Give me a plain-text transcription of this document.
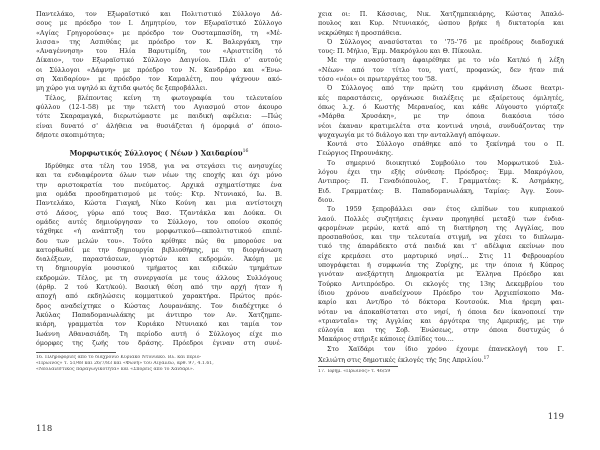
Παντελάκο, τον Εξωραϊστικό και Πολιτιστικό Σύλλογο Δά-
σους με πρόεδρο τον Ι. Δημητρίου, τον Εξωραϊστικό Σύλλογο
«Αγίας Γρηγορούσας» με πρόεδρο τον Ουσταμπασίδη, τη «Μέ-
λισσα» της Ασπιθέας με πρόεδρο τον Κ. Βαλεργάκη, την
«Αναγέννηση» του Ηλία Βαρυτιμίδη, τον «Αρισττείδη τό
Δίκαιο», τον Εξωραϊστικό Σύλλογο Δαιγνίου. Πλάι σ' αυτούς
οι Σύλλογοι «Δάφνη» με πρόεδρο τον Ν. Κανδράρο και «Ένω-
ση Χαιδαρίου» με πρόεδρο τον Καμαλέτη, που ψάχνουν ακό-
μη χώρο για υψηλό κι άχτιδα φωτός δε ξεπροβάλλει.
Τέλος, βλέποντας κείνη τη φωτογραφία του τελευταίου
φύλλου (12-1-58) με την τελετή του Αγιασμού στον άκουρο
τότε Σκαραμαγκά, διερωτώμαστε με παιδική αφέλεια: —Πώς
είναι δυνατό σ' άλήθεια να θυσιάζεται ή όμορφιά σ' όποιο-
δήποτε σκοπιμότητα;
Μορφωτικός Σύλλογος ( Νέων ) Χαιδαρίου$^{16}$
Ιδρύθηκε στα τέλη του 1958, για να στεγάσει τις ανησυχίες
και τα ενδιαφέροντα όλων των νέων της εποχής και όχι μόνο
την αριστοκρατία του πνεύματος. Αρχικά σχηματίστηκε ένα
μια ομάδα προσδηματισμού με τούς: Κτρ. Ντυνιακό, Ιω. Β.
Παντελάκο, Κώστα Γιαγκή, Νίκο Κούνη και μια αντίστοιχη
στό Δάσος, γύρω από τους Βασ. Τζαντάκλα και Δούκα. Οι
ομάδες αυτές δημιούργησαν το Σύλλογο, του οποίου σκοπός
τάχθηκε «ή ανάπτυξη του μορφωτικού—εκπολιτιστικού επιπέ-
δου των μελών του». Τούτο κρίθηκε πώς θα μπορούσε να
κατορθωθεί με την δημιουργία βιβλιοθήκης, με τη διοργάνωση
διαλέξεων, παραστάσεων, γιορτών και εκδρομών. Άκόμη με
τη δημιουργία μουσικού τμήματος και ειδικών τμημάτων
εκδρομών. Τέλος, με τη συνεργασία με τους άλλους Συλλόγους
(άρθρ. 2 τού Κατ/κού). Βασική θέση από την αρχή ήταν ή
αποχή από εκδηλώσεις κομματικού χαρακτήρα. Πρώτος πρόε-
δρος αναδείχτηκε ο Κώστας Λουρανάκης. Τον διαδέχτηκε ό
Άκύλας Παπαδομανωλάκης με άντιπρο τον Αν. Χατζημπε-
κιάρη, γραμματέα τον Κυριάκο Ντυνιακό και ταμία τον
Ιωάννη Αθανασιάδη. Τη περίοδο αυτή ό Σύλλογος είχε πιο
όμορφες της ζωής του δράσης. Πρόεδροι έγιναν στη συνέ-
16. Πληροφορίες από το διαχρόνιο Κυριάκο Ντυνιακό. Βλ. και περιο-
«Πρωινός» τ. 51/48 και 26/7/83 και «Φωνή» του Αιγάλεω, αρθ. 97, 4.1.61,
«Νεολαιεστικός παραγωγικότητα» και «Σπορείς από το Χαϊδαρι».
118
χεια οι: Π. Κάσσιας, Νικ. Χατζημπεκιάρης, Κώστας Άπαλό-
πουλος και Κυρ. Ντυνιακός, ώσπου βρήκε ή δικτατορία και
νεκρώθηκε ή προσπάθεια.
Ό Σύλλογος ανασύσταται το '75-'76 με προέδρους διαδοχικά
τους: Π. Μήλιο, Έμμ. Μακρόγλου και Θ. Πίκουλα.
Με την ανασύσταση άφαιρέθηκε με το νέο Κατ/κό ή λέξη
«Νέων» από τον τίτλο του, γιατί, προφανώς, δεν ήταν πιά
τόσο «νέοι» οι πρωτεργάτες του '58.
Ό Σύλλογος από την πρώτη του εμφάνιση έδωσε θεατρι-
κές παραστάσεις, οργάνωσε διαλέξεις με εξαίρετους όμιλητές,
όπως λ.χ. ό Κωστής Μεραναίος, και κάθε Αύγουστο γιόρταζε
«Μάρθα Χρυσάκη», με την όποια διακόσια τόσο
νέοι έκαναν κρατιμελέτα στα κοντινά νησιά, συνδυάζοντας την
ψυχαγωγία με τό διάλογο και την ανταλλαγή απόψεων.
Κοντά στο Σύλλογο σπάθηκε από το ξεκίνημά του ο Π.
Γεώργιος Πηρουνάκης.
Το σημερινό διοικητικό Συμβούλιο του Μορφωτικού Συλ-
λόγου έχει την εξής σύνθεση: Πρόεδρος: Έμμ. Μακρόγλου,
Αντιπρος: Π. Γεναδιόπουλος, Γ. Γραμματέας: Κ. Ασημάκης,
Ειδ. Γραμματέας: Β. Παπαδομανωλάκη, Ταμίας: Άγγ. Σουν-
διου.
Το 1959 ξεπροβάλλει σαν έτος ελπίδων του κυπριακού
λαού. Πολλές συζητήσεις έγιναν προηγηθεί μεταξύ των ένδια-
φερομένων μερών, κατά από τη διατήρηση της Αγγλίας, που
προσπαθούσε, και την τελευταία στιγμή, να χέσει το διπλωμα-
τικό της άπαράδεκτο στά παιδιά και τ' αδέλφια εκείνων που
είχε κρεμάσει στο μαρτυρικό νησί... Στις 11 Φεβρουαρίου
υπογράφεται ή συμφωνία της Ζυρίχης, με την όποια ή Κύπρος
γινόταν ανεξάρτητη Δημοκρατία με Έλληνα Πρόεδρο και
Τούρκο Αντιπρόεδρο. Οι εκλογές της 13ης Δεκεμβρίου του
ίδιου χρόνου αναδείχνουν Πρόεδρο τον Άρχιεπίσκοπο Μα-
καρίο και Αντ/δρο τό δόκτορα Κουτσούκ. Μια ήρεμη φαι-
νόταν να άποκαθίσταται στο νησί, ή όποια δεν ίκανοποιεί την
«τριανταΐα» της Αγγλίας και άργότερα της Αμερικής, με την
εύλογία και της Σοβ. Ένώσεως, στην όποια δυστυχώς ό
Μακάριος στήριξε κάποιες έλπίδες του....
Στο Χαϊδάρι τον ίδιο χρόνο έχουμε έπανεκλογή του Γ.
Χελιώτη στις δημοτικές έκλογές τής 5ης Απριλίου.$^{17}$
17. Έφημ. «Πρωινός» τ. 46/59
119
